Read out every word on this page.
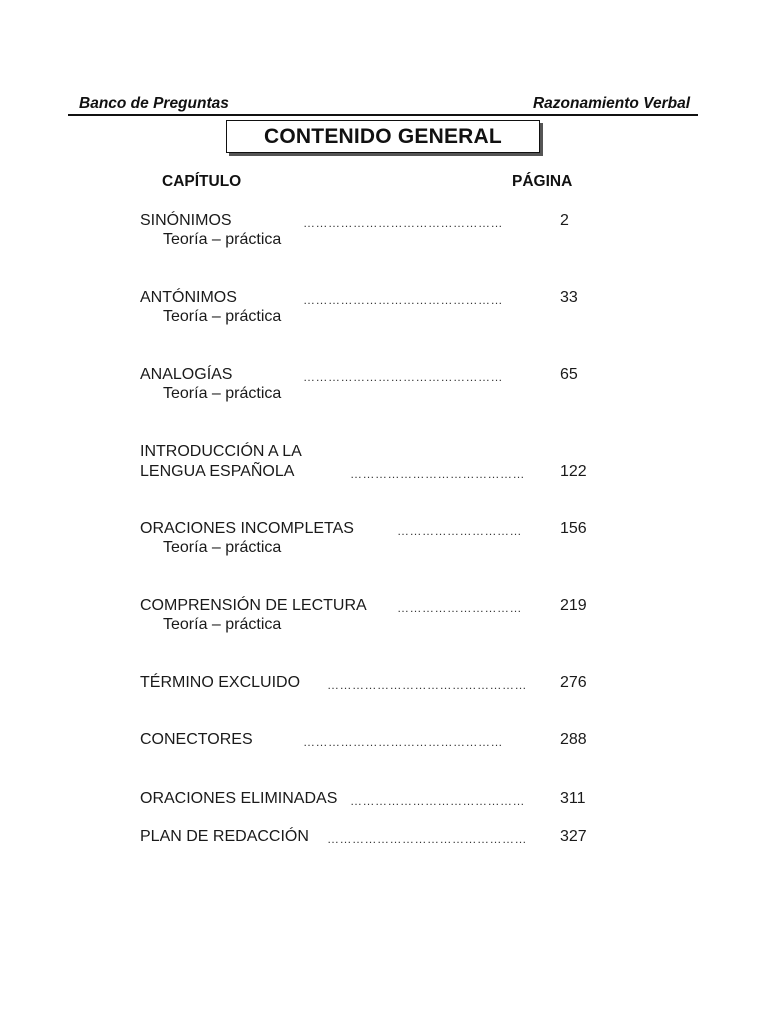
Banco de Preguntas	Razonamiento Verbal
CONTENIDO GENERAL
CAPÍTULO	PÁGINA
SINÓNIMOS	…………………………………………	2
Teoría – práctica
ANTÓNIMOS	…………………………………………	33
Teoría – práctica
ANALOGÍAS	…………………………………………	65
Teoría – práctica
INTRODUCCIÓN A LA
LENGUA ESPAÑOLA	……………………………………	122
ORACIONES INCOMPLETAS	…………………………	156
Teoría – práctica
COMPRENSIÓN DE LECTURA	…………………………	219
Teoría – práctica
TÉRMINO EXCLUIDO …………………………………………	276
CONECTORES	…………………………………………	288
ORACIONES ELIMINADAS ……………………………………	311
PLAN DE REDACCIÓN …………………………………………	327
